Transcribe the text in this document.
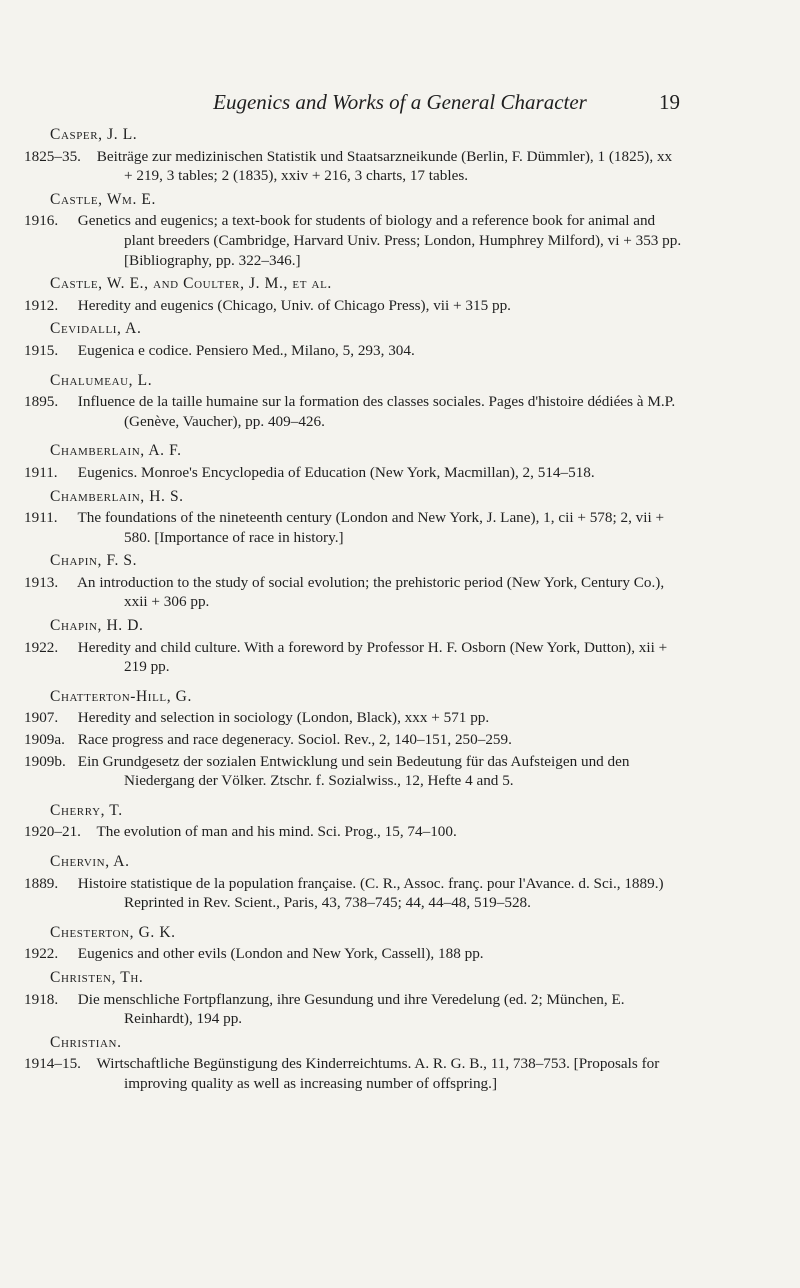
Eugenics and Works of a General Character	19
Casper, J. L.
1825–35. Beiträge zur medizinischen Statistik und Staatsarzneikunde (Berlin, F. Dümmler), 1 (1825), xx + 219, 3 tables; 2 (1835), xxiv + 216, 3 charts, 17 tables.
Castle, Wm. E.
1916. Genetics and eugenics; a text-book for students of biology and a reference book for animal and plant breeders (Cambridge, Harvard Univ. Press; London, Humphrey Milford), vi + 353 pp. [Bibliography, pp. 322–346.]
Castle, W. E., and Coulter, J. M., et al.
1912. Heredity and eugenics (Chicago, Univ. of Chicago Press), vii + 315 pp.
Cevidalli, A.
1915. Eugenica e codice. Pensiero Med., Milano, 5, 293, 304.
Chalumeau, L.
1895. Influence de la taille humaine sur la formation des classes sociales. Pages d'histoire dédiées à M.P. (Genève, Vaucher), pp. 409–426.
Chamberlain, A. F.
1911. Eugenics. Monroe's Encyclopedia of Education (New York, Macmillan), 2, 514–518.
Chamberlain, H. S.
1911. The foundations of the nineteenth century (London and New York, J. Lane), 1, cii + 578; 2, vii + 580. [Importance of race in history.]
Chapin, F. S.
1913. An introduction to the study of social evolution; the prehistoric period (New York, Century Co.), xxii + 306 pp.
Chapin, H. D.
1922. Heredity and child culture. With a foreword by Professor H. F. Osborn (New York, Dutton), xii + 219 pp.
Chatterton-Hill, G.
1907. Heredity and selection in sociology (London, Black), xxx + 571 pp.
1909a. Race progress and race degeneracy. Sociol. Rev., 2, 140–151, 250–259.
1909b. Ein Grundgesetz der sozialen Entwicklung und sein Bedeutung für das Aufsteigen und den Niedergang der Völker. Ztschr. f. Sozialwiss., 12, Hefte 4 and 5.
Cherry, T.
1920–21. The evolution of man and his mind. Sci. Prog., 15, 74–100.
Chervin, A.
1889. Histoire statistique de la population française. (C. R., Assoc. franç. pour l'Avance. d. Sci., 1889.) Reprinted in Rev. Scient., Paris, 43, 738–745; 44, 44–48, 519–528.
Chesterton, G. K.
1922. Eugenics and other evils (London and New York, Cassell), 188 pp.
Christen, Th.
1918. Die menschliche Fortpflanzung, ihre Gesundung und ihre Veredelung (ed. 2; München, E. Reinhardt), 194 pp.
Christian.
1914–15. Wirtschaftliche Begünstigung des Kinderreichtums. A. R. G. B., 11, 738–753. [Proposals for improving quality as well as increasing number of offspring.]
